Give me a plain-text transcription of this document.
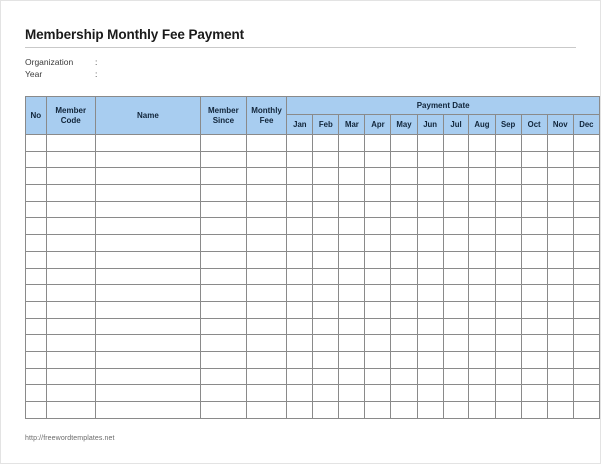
Membership Monthly Fee Payment
Organization	:
Year	:
No	Member Code	Name	Member Since	Monthly Fee	Payment Date											
					Jan	Feb	Mar	Apr	May	Jun	Jul	Aug	Sep	Oct	Nov	Dec

http://freewordtemplates.net
